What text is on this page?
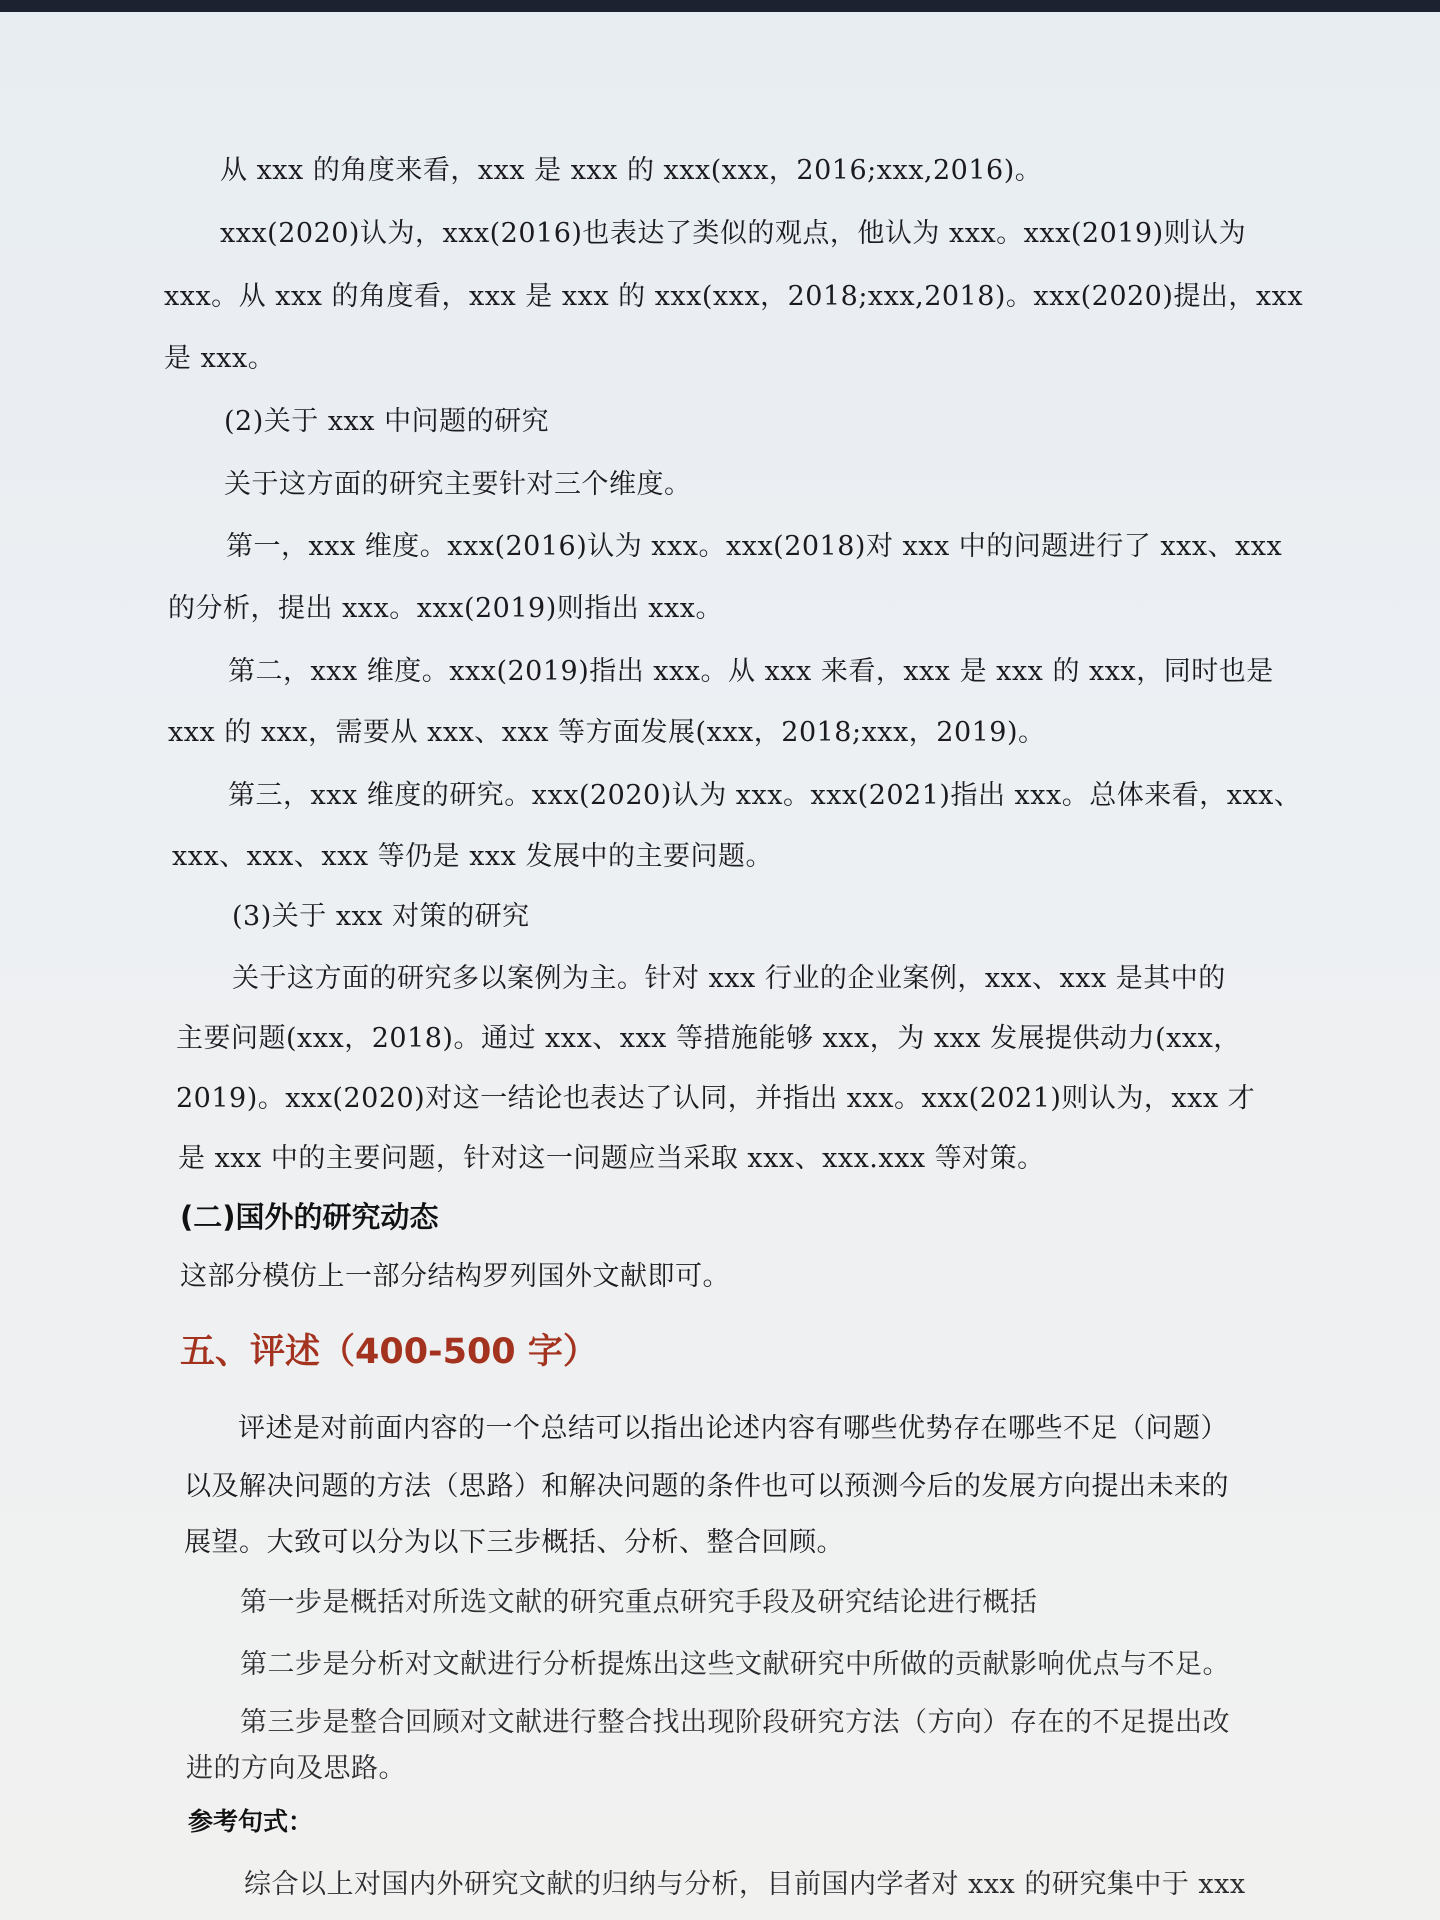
从 xxx 的角度来看，xxx 是 xxx 的 xxx(xxx，2016;xxx,2016)。
xxx(2020)认为，xxx(2016)也表达了类似的观点，他认为 xxx。xxx(2019)则认为
xxx。从 xxx 的角度看，xxx 是 xxx 的 xxx(xxx，2018;xxx,2018)。xxx(2020)提出，xxx
是 xxx。
(2)关于 xxx 中问题的研究
关于这方面的研究主要针对三个维度。
第一，xxx 维度。xxx(2016)认为 xxx。xxx(2018)对 xxx 中的问题进行了 xxx、xxx
的分析，提出 xxx。xxx(2019)则指出 xxx。
第二，xxx 维度。xxx(2019)指出 xxx。从 xxx 来看，xxx 是 xxx 的 xxx，同时也是
xxx 的 xxx，需要从 xxx、xxx 等方面发展(xxx，2018;xxx，2019)。
第三，xxx 维度的研究。xxx(2020)认为 xxx。xxx(2021)指出 xxx。总体来看，xxx、
xxx、xxx、xxx 等仍是 xxx 发展中的主要问题。
(3)关于 xxx 对策的研究
关于这方面的研究多以案例为主。针对 xxx 行业的企业案例，xxx、xxx 是其中的
主要问题(xxx，2018)。通过 xxx、xxx 等措施能够 xxx，为 xxx 发展提供动力(xxx，
2019)。xxx(2020)对这一结论也表达了认同，并指出 xxx。xxx(2021)则认为，xxx 才
是 xxx 中的主要问题，针对这一问题应当采取 xxx、xxx.xxx 等对策。
(二)国外的研究动态
这部分模仿上一部分结构罗列国外文献即可。
五、评述（400-500 字）
评述是对前面内容的一个总结可以指出论述内容有哪些优势存在哪些不足（问题）
以及解决问题的方法（思路）和解决问题的条件也可以预测今后的发展方向提出未来的
展望。大致可以分为以下三步概括、分析、整合回顾。
第一步是概括对所选文献的研究重点研究手段及研究结论进行概括
第二步是分析对文献进行分析提炼出这些文献研究中所做的贡献影响优点与不足。
第三步是整合回顾对文献进行整合找出现阶段研究方法（方向）存在的不足提出改
进的方向及思路。
参考句式：
综合以上对国内外研究文献的归纳与分析，目前国内学者对 xxx 的研究集中于 xxx
